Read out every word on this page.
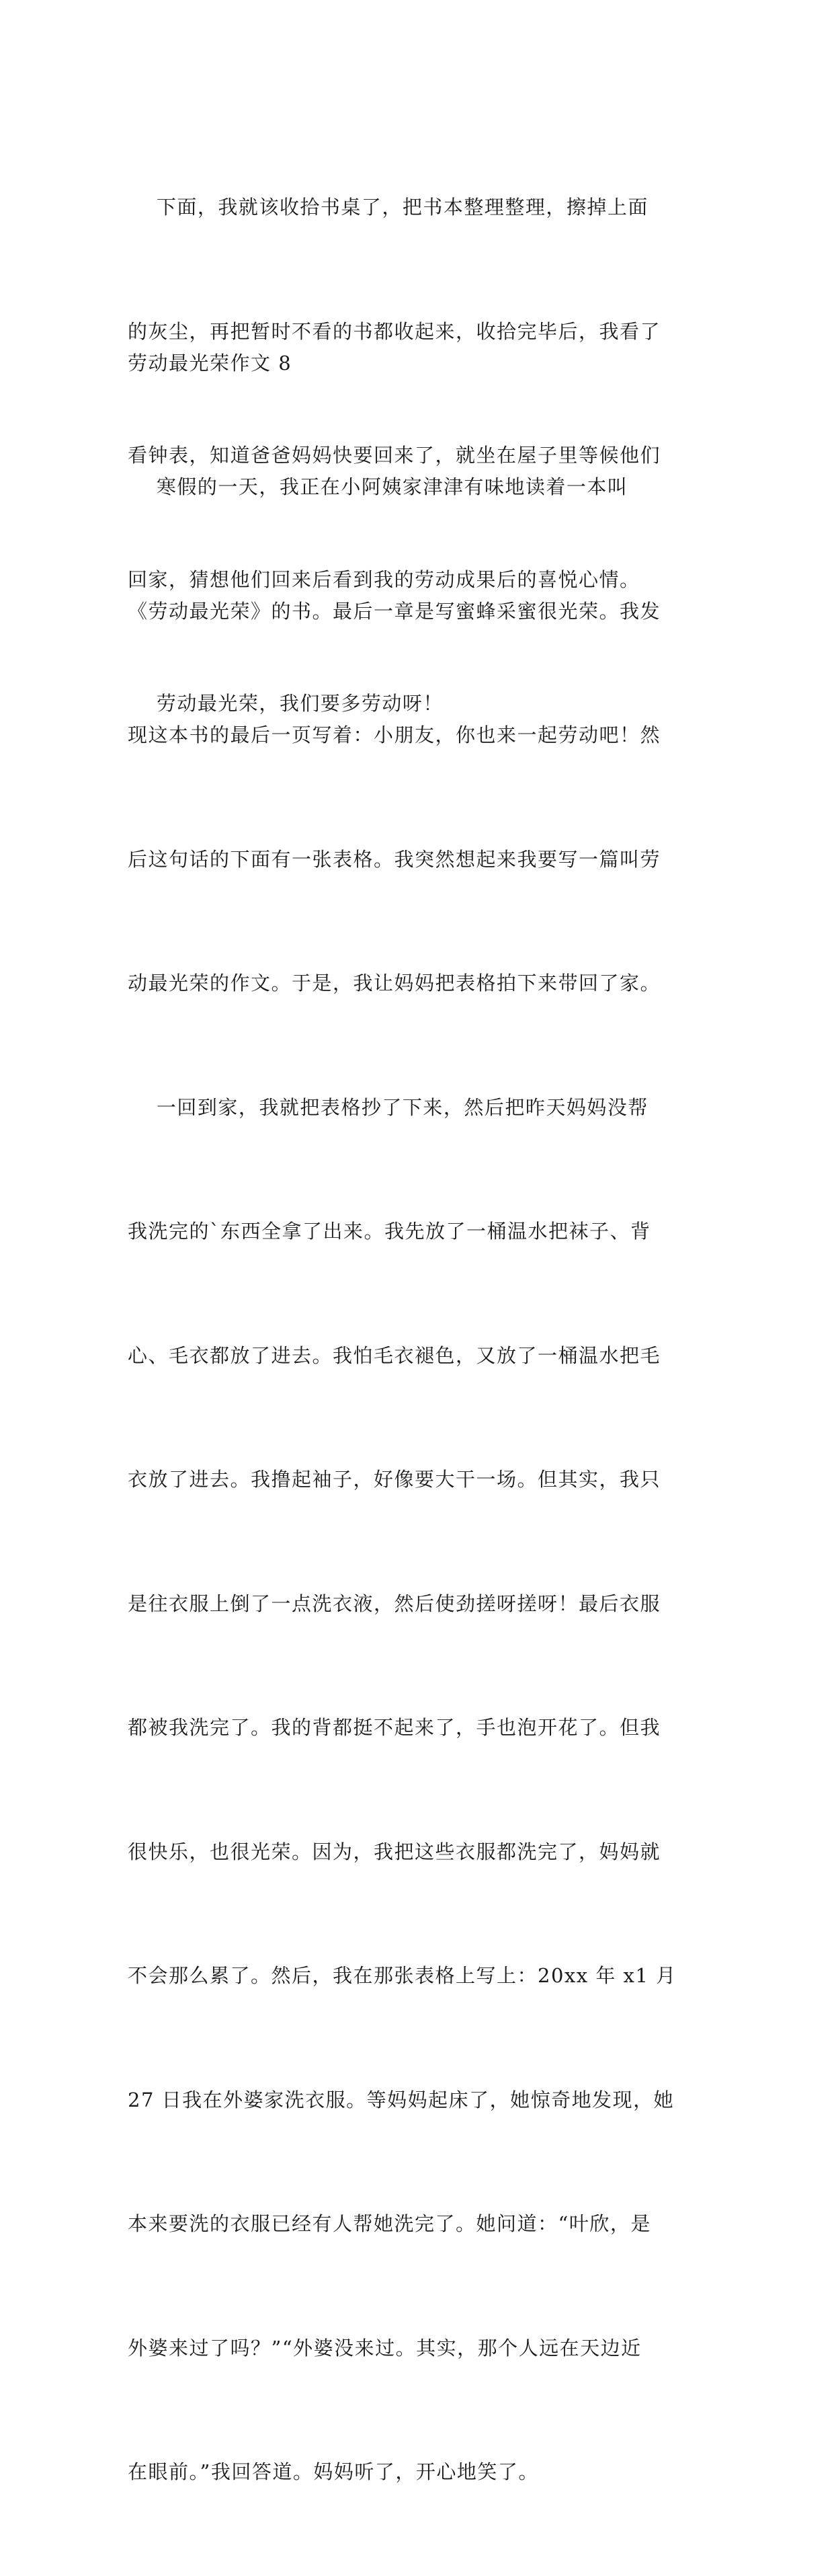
下面，我就该收拾书桌了，把书本整理整理，擦掉上面

的灰尘，再把暂时不看的书都收起来，收拾完毕后，我看了

看钟表，知道爸爸妈妈快要回来了，就坐在屋子里等候他们

回家，猜想他们回来后看到我的劳动成果后的喜悦心情。

劳动最光荣，我们要多劳动呀！

劳动最光荣作文 8

寒假的一天，我正在小阿姨家津津有味地读着一本叫

《劳动最光荣》的书。最后一章是写蜜蜂采蜜很光荣。我发

现这本书的最后一页写着：小朋友，你也来一起劳动吧！然

后这句话的下面有一张表格。我突然想起来我要写一篇叫劳

动最光荣的作文。于是，我让妈妈把表格拍下来带回了家。

一回到家，我就把表格抄了下来，然后把昨天妈妈没帮

我洗完的`东西全拿了出来。我先放了一桶温水把袜子、背

心、毛衣都放了进去。我怕毛衣褪色，又放了一桶温水把毛

衣放了进去。我撸起袖子，好像要大干一场。但其实，我只

是往衣服上倒了一点洗衣液，然后使劲搓呀搓呀！最后衣服

都被我洗完了。我的背都挺不起来了，手也泡开花了。但我

很快乐，也很光荣。因为，我把这些衣服都洗完了，妈妈就

不会那么累了。然后，我在那张表格上写上：20xx 年 x1 月

27 日我在外婆家洗衣服。等妈妈起床了，她惊奇地发现，她

本来要洗的衣服已经有人帮她洗完了。她问道：“叶欣，是

外婆来过了吗？”“外婆没来过。其实，那个人远在天边近

在眼前。”我回答道。妈妈听了，开心地笑了。
